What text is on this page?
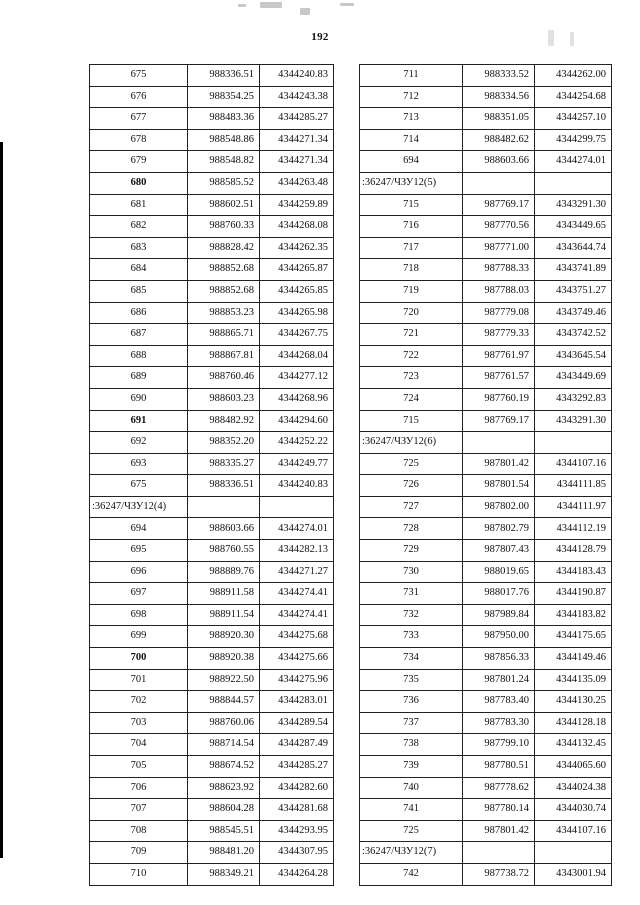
192
675	988336.51	4344240.83
676	988354.25	4344243.38
677	988483.36	4344285.27
678	988548.86	4344271.34
679	988548.82	4344271.34
680	988585.52	4344263.48
681	988602.51	4344259.89
682	988760.33	4344268.08
683	988828.42	4344262.35
684	988852.68	4344265.87
685	988852.68	4344265.85
686	988853.23	4344265.98
687	988865.71	4344267.75
688	988867.81	4344268.04
689	988760.46	4344277.12
690	988603.23	4344268.96
691	988482.92	4344294.60
692	988352.20	4344252.22
693	988335.27	4344249.77
675	988336.51	4344240.83
:36247/ЧЗУ12(4)		
694	988603.66	4344274.01
695	988760.55	4344282.13
696	988889.76	4344271.27
697	988911.58	4344274.41
698	988911.54	4344274.41
699	988920.30	4344275.68
700	988920.38	4344275.66
701	988922.50	4344275.96
702	988844.57	4344283.01
703	988760.06	4344289.54
704	988714.54	4344287.49
705	988674.52	4344285.27
706	988623.92	4344282.60
707	988604.28	4344281.68
708	988545.51	4344293.95
709	988481.20	4344307.95
710	988349.21	4344264.28
711	988333.52	4344262.00
712	988334.56	4344254.68
713	988351.05	4344257.10
714	988482.62	4344299.75
694	988603.66	4344274.01
:36247/ЧЗУ12(5)		
715	987769.17	4343291.30
716	987770.56	4343449.65
717	987771.00	4343644.74
718	987788.33	4343741.89
719	987788.03	4343751.27
720	987779.08	4343749.46
721	987779.33	4343742.52
722	987761.97	4343645.54
723	987761.57	4343449.69
724	987760.19	4343292.83
715	987769.17	4343291.30
:36247/ЧЗУ12(6)		
725	987801.42	4344107.16
726	987801.54	4344111.85
727	987802.00	4344111.97
728	987802.79	4344112.19
729	987807.43	4344128.79
730	988019.65	4344183.43
731	988017.76	4344190.87
732	987989.84	4344183.82
733	987950.00	4344175.65
734	987856.33	4344149.46
735	987801.24	4344135.09
736	987783.40	4344130.25
737	987783.30	4344128.18
738	987799.10	4344132.45
739	987780.51	4344065.60
740	987778.62	4344024.38
741	987780.14	4344030.74
725	987801.42	4344107.16
:36247/ЧЗУ12(7)		
742	987738.72	4343001.94
